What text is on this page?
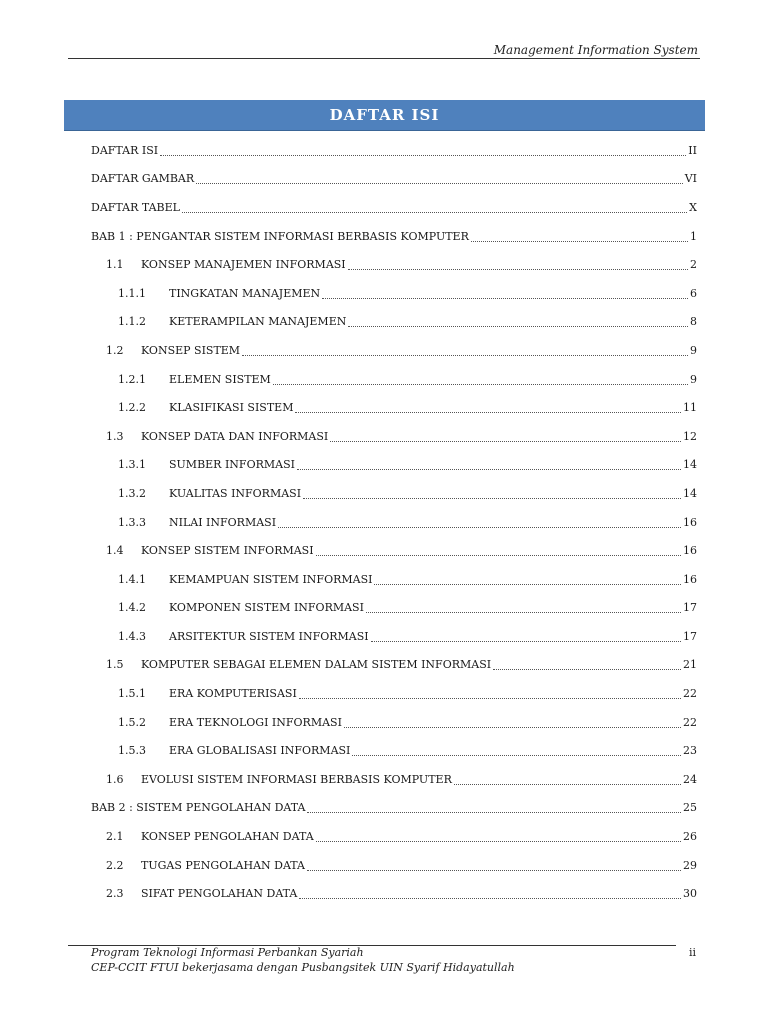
Management Information System
DAFTAR ISI
DAFTAR ISI	II
DAFTAR GAMBAR	VI
DAFTAR TABEL	X
BAB 1 : PENGANTAR SISTEM INFORMASI BERBASIS KOMPUTER	1
1.1	KONSEP MANAJEMEN INFORMASI	2
1.1.1	TINGKATAN MANAJEMEN	6
1.1.2	KETERAMPILAN MANAJEMEN	8
1.2	KONSEP SISTEM	9
1.2.1	ELEMEN SISTEM	9
1.2.2	KLASIFIKASI SISTEM	11
1.3	KONSEP DATA DAN INFORMASI	12
1.3.1	SUMBER INFORMASI	14
1.3.2	KUALITAS INFORMASI	14
1.3.3	NILAI INFORMASI	16
1.4	KONSEP SISTEM INFORMASI	16
1.4.1	KEMAMPUAN SISTEM INFORMASI	16
1.4.2	KOMPONEN SISTEM INFORMASI	17
1.4.3	ARSITEKTUR SISTEM INFORMASI	17
1.5	KOMPUTER SEBAGAI ELEMEN DALAM SISTEM INFORMASI	21
1.5.1	ERA KOMPUTERISASI	22
1.5.2	ERA TEKNOLOGI INFORMASI	22
1.5.3	ERA GLOBALISASI INFORMASI	23
1.6	EVOLUSI SISTEM INFORMASI BERBASIS KOMPUTER	24
BAB 2 : SISTEM PENGOLAHAN DATA	25
2.1	KONSEP PENGOLAHAN DATA	26
2.2	TUGAS PENGOLAHAN DATA	29
2.3	SIFAT PENGOLAHAN DATA	30
Program Teknologi Informasi Perbankan Syariah
CEP-CCIT FTUI bekerjasama dengan Pusbangsitek UIN Syarif Hidayatullah
ii
